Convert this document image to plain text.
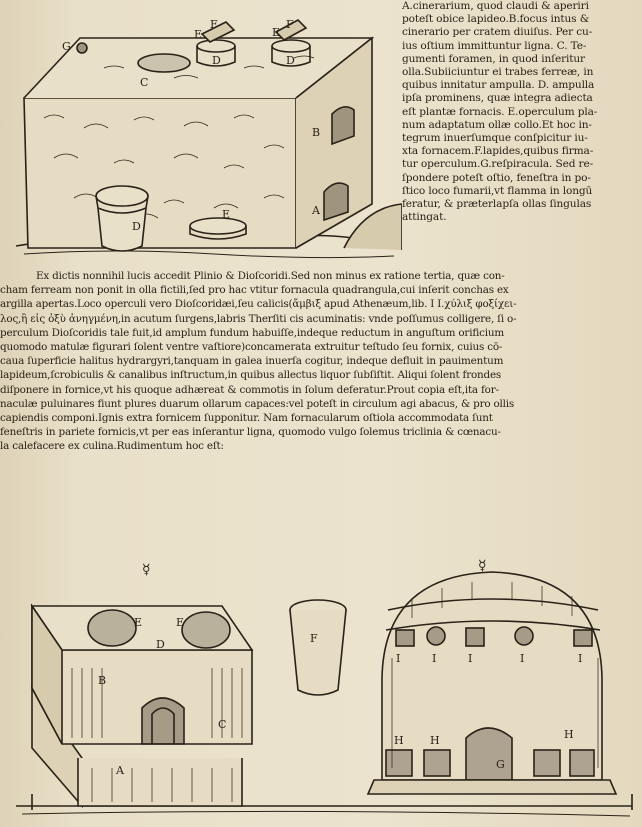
G
C
E
F
D
E
F
D
B
A
D
E
A.cinerarium, quod claudi & aperiri
poteſt obice lapideo.B.focus intus &
cinerario per cratem diuiſus. Per cu-
ius oſtium immittuntur ligna. C. Te-
gumenti foramen, in quod inſeritur
olla.Subiiciuntur ei trabes ferreæ, in
quibus innitatur ampulla. D. ampulla
ipſa prominens, quæ integra adiecta
eſt plantæ fornacis. E.operculum pla-
num adaptatum ollæ collo.Et hoc in-
tegrum inuerſumque conſpicitur iu-
xta fornacem.F.lapides,quibus firma-
tur operculum.G.reſpiracula. Sed re-
ſpondere poteſt oſtio, feneſtra in po-
ſtico loco fumarii,vt flamma in longū
feratur, & præterlapſa ollas ſingulas
attingat.
Ex dictis nonnihil lucis accedit Plinio & Dioſcoridi.Sed non minus ex ratione tertia, quæ con-
cham ferream non ponit in olla fictili,ſed pro hac vtitur fornacula quadrangula,cui inſerit conchas ex
argilla apertas.Loco operculi vero Dioſcoridæi,ſeu calicis(ἄμβιξ apud Athenæum,lib. I I.χύλιξ φοξίχει-
λος,ἢ εἰς ὀξὺ ἀνηγμένη,in acutum ſurgens,labris Therſiti cis acuminatis: vnde poſſumus colligere, ſi o-
perculum Dioſcoridis tale fuit,id amplum fundum habuiſſe,indeque reductum in anguſtum orificium
quomodo matulæ figurari ſolent ventre vaſtiore)concamerata extruitur teſtudo ſeu fornix, cuius cō-
caua ſuperficie halitus hydrargyri,tanquam in galea inuerſa cogitur, indeque defluit in pauimentum
lapideum,ſcrobiculis & canalibus inſtructum,in quibus allectus liquor ſubſiſtit. Aliqui ſolent frondes
diſponere in fornice,vt his quoque adhæreat & commotis in ſolum deferatur.Prout copia eſt,ita for-
naculæ puluinares fiunt plures duarum ollarum capaces:vel poteſt in circulum agi abacus, & pro ollis
capiendis componi.Ignis extra fornicem ſupponitur. Nam fornacularum oſtiola accommodata ſunt
feneſtris in pariete fornicis,vt per eas inſerantur ligna, quomodo vulgo ſolemus triclinia & cœnacu-
la calefacere ex culina.Rudimentum hoc eſt:
☿	☿
E	E
D
B
C
A
F
I	I	I	I	I
H H	H
G
